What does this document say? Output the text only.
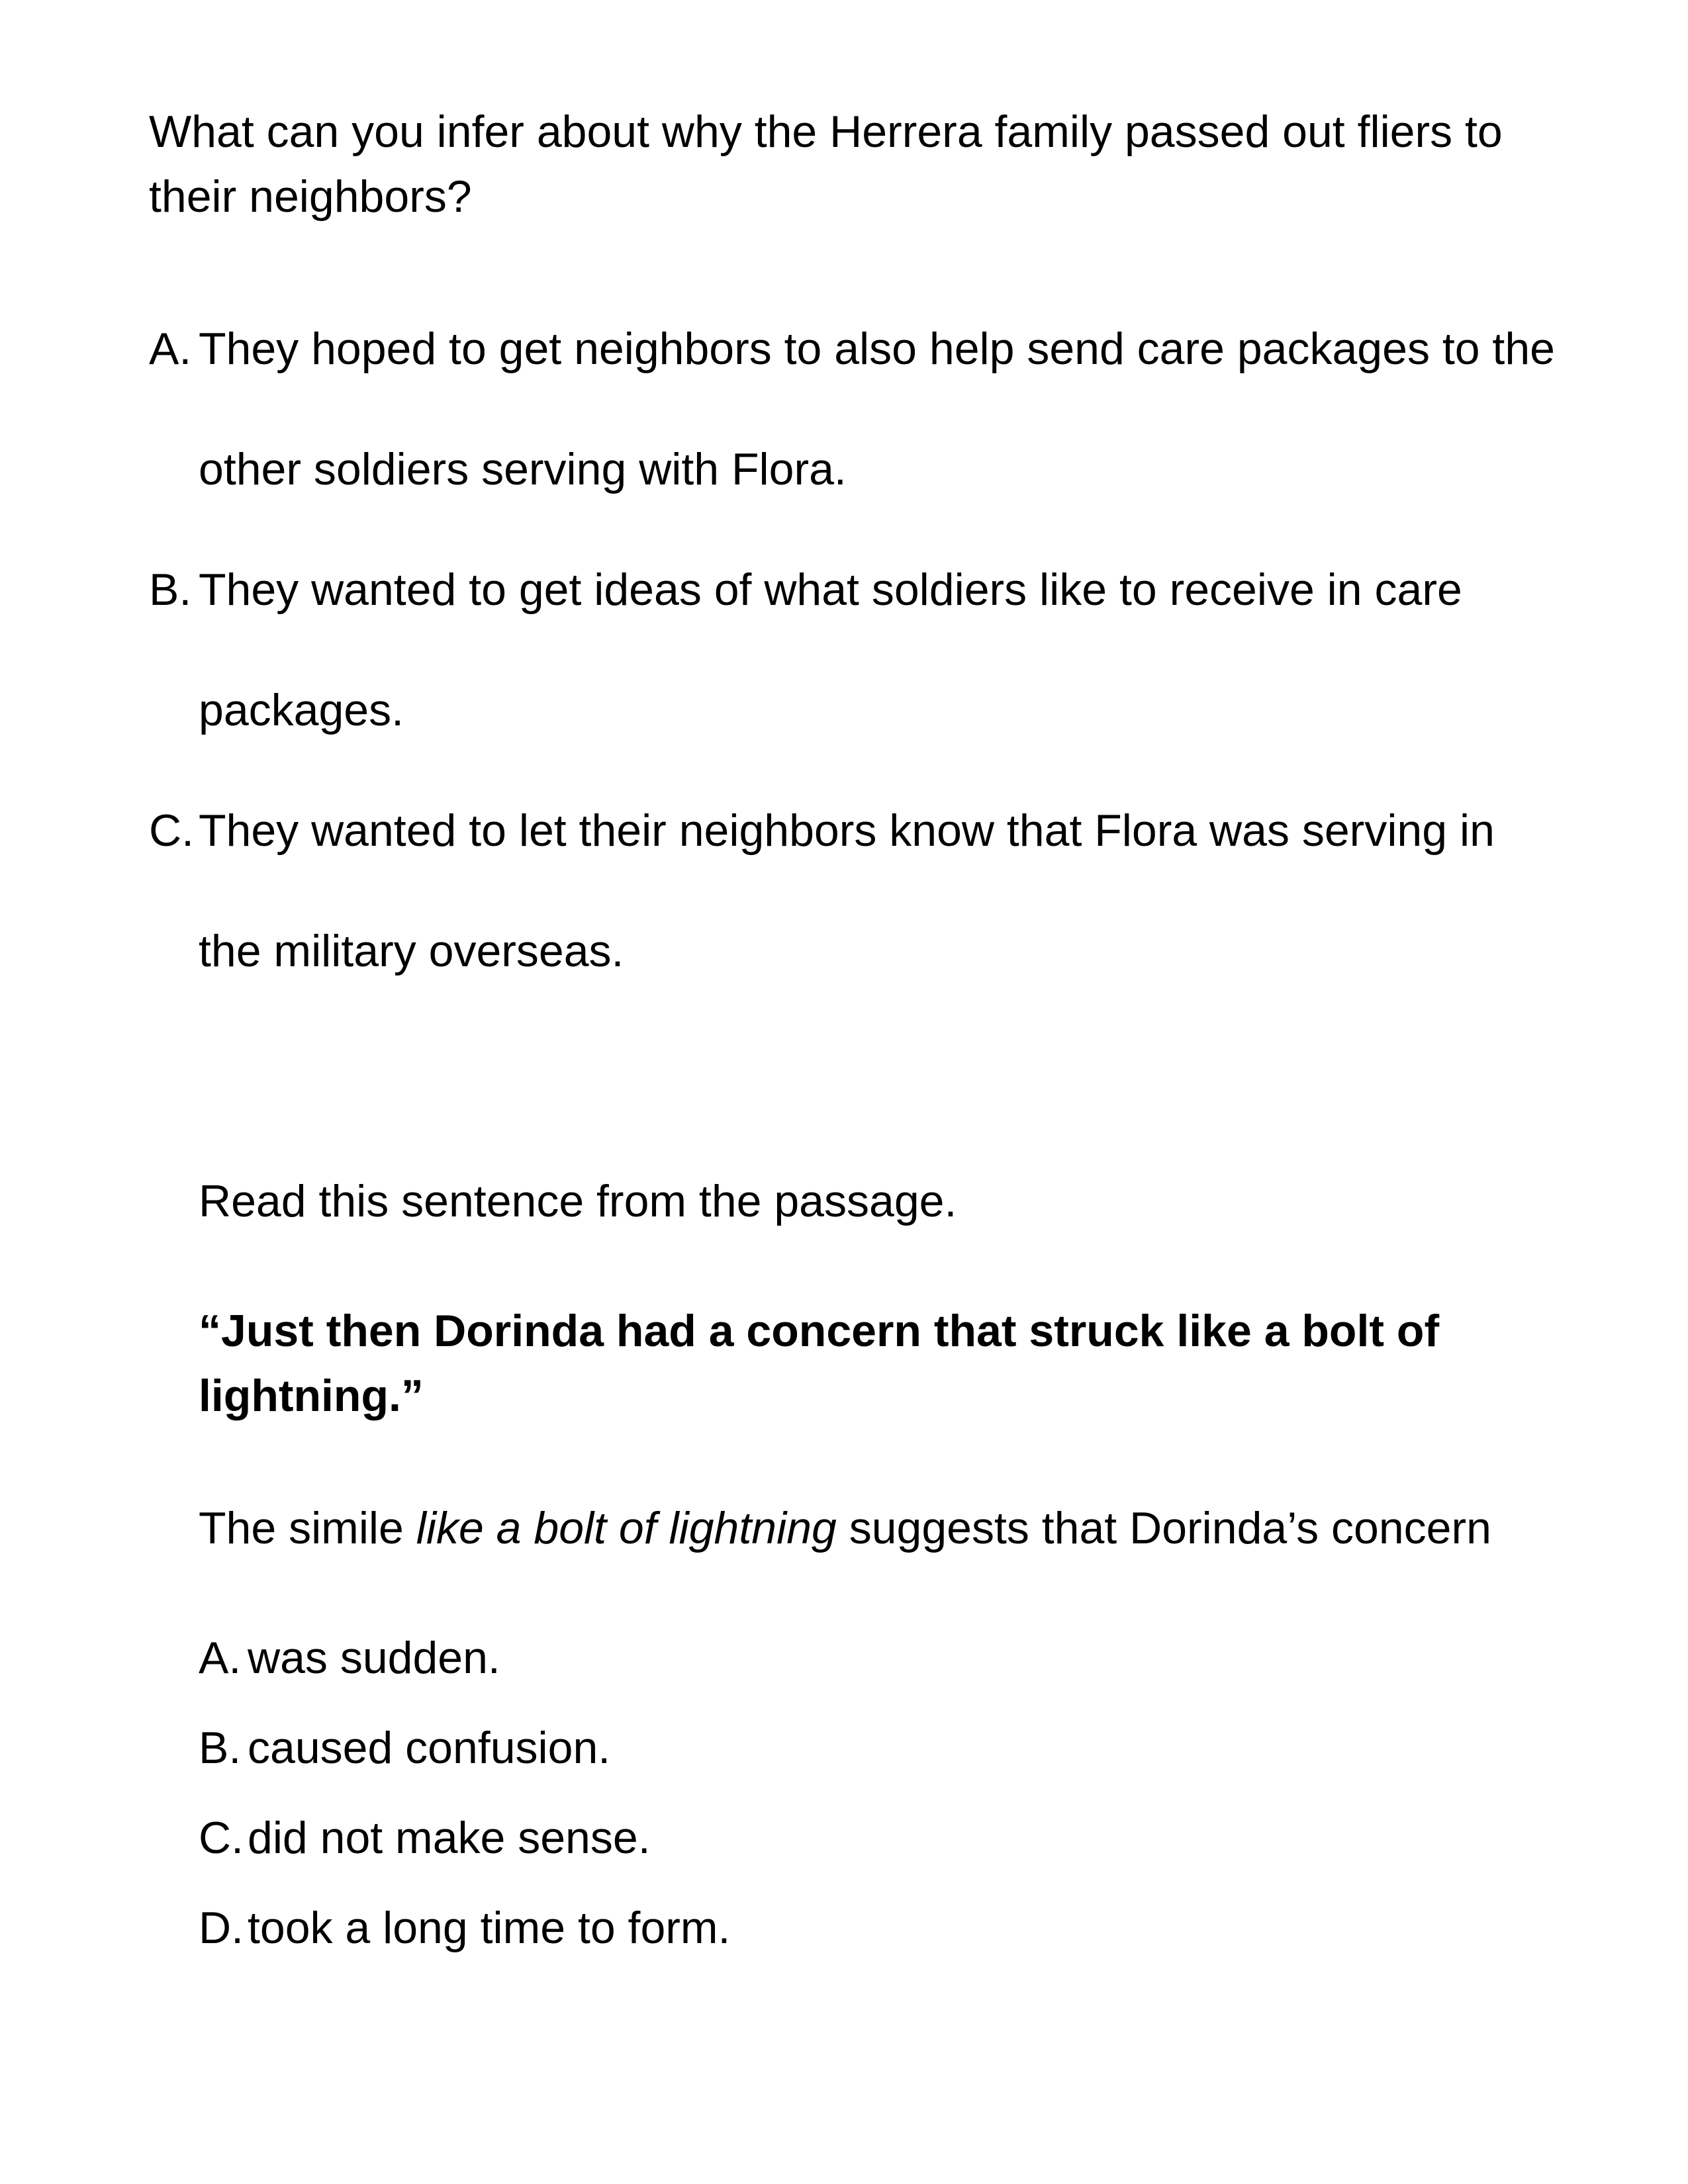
What can you infer about why the Herrera family passed out fliers to

their neighbors?

A. They hoped to get neighbors to also help send care packages to the
other soldiers serving with Flora.
B. They wanted to get ideas of what soldiers like to receive in care
packages.
C. They wanted to let their neighbors know that Flora was serving in
the military overseas.

Read this sentence from the passage.

“Just then Dorinda had a concern that struck like a bolt of

lightning.”

The simile like a bolt of lightning suggests that Dorinda’s concern

A. was sudden.
B. caused confusion.
C. did not make sense.
D. took a long time to form.
